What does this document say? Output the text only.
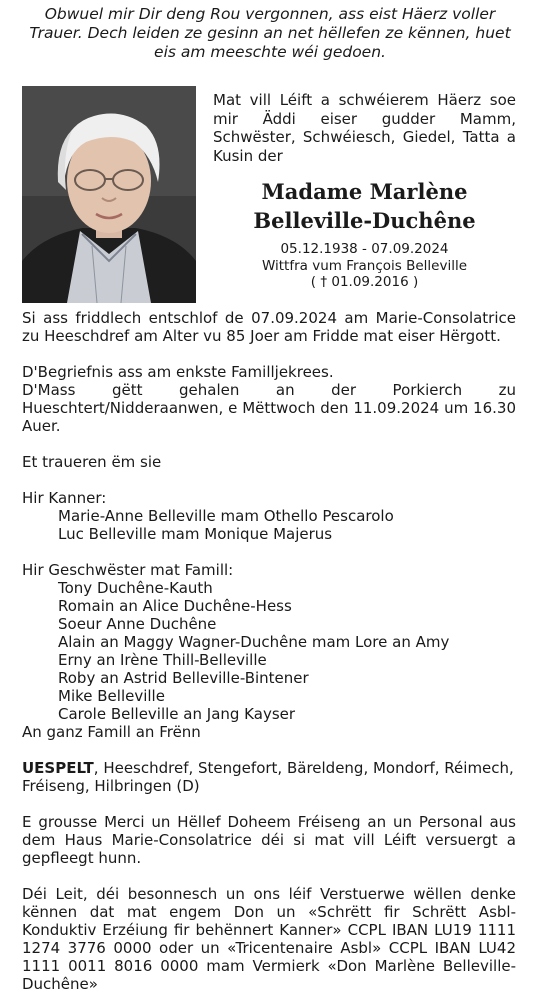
Obwuel mir Dir deng Rou vergonnen, ass eist Häerz voller
Trauer. Dech leiden ze gesinn an net hëllefen ze kënnen, huet
eis am meeschte wéi gedoen.
Mat vill Léift a schwéierem Häerz soe mir Äddi eiser gudder Mamm, Schwëster, Schwéiesch, Giedel, Tatta a Kusin der
Madame Marlène
Belleville-Duchêne
05.12.1938 - 07.09.2024
Wittfra vum François Belleville
( † 01.09.2016 )

Si ass friddlech entschlof de 07.09.2024 am Marie-Consolatrice zu Heeschdref am Alter vu 85 Joer am Fridde mat eiser Hërgott.

D'Begriefnis ass am enkste Familljekrees.

D'Mass gëtt gehalen an der Porkierch zu Hueschtert/Nidderaanwen, e Mëttwoch den 11.09.2024 um 16.30 Auer.

Et traueren ëm sie

Hir Kanner:

Marie-Anne Belleville mam Othello Pescarolo
Luc Belleville mam Monique Majerus

Hir Geschwëster mat Famill:

Tony Duchêne-Kauth
Romain an Alice Duchêne-Hess
Soeur Anne Duchêne
Alain an Maggy Wagner-Duchêne mam Lore an Amy
Erny an Irène Thill-Belleville
Roby an Astrid Belleville-Bintener
Mike Belleville
Carole Belleville an Jang Kayser

An ganz Famill an Frënn

UESPELT, Heeschdref, Stengefort, Bäreldeng, Mondorf, Réimech, Fréiseng, Hilbringen (D)

E grousse Merci un Hëllef Doheem Fréiseng an un Personal aus dem Haus Marie-Consolatrice déi si mat vill Léift versuergt a gepfleegt hunn.

Déi Leit, déi besonnesch un ons léif Verstuerwe wëllen denke kënnen dat mat engem Don un «Schrëtt fir Schrëtt Asbl-Konduktiv Erzéiung fir behënnert Kanner» CCPL IBAN LU19 1111 1274 3776 0000 oder un «Tricentenaire Asbl» CCPL IBAN LU42 1111 0011 8016 0000 mam Vermierk «Don Marlène Belleville-Duchêne»
